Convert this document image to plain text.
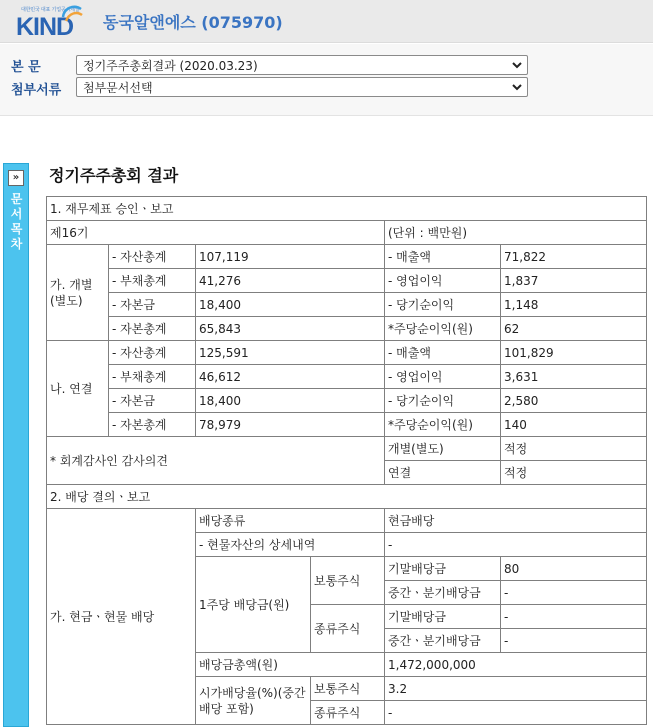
대한민국 대표 기업공시채널
KIND 동국알앤에스 (075970)
본 문	정기주주총회결과 (2020.03.23)
첨부서류	첨부문서선택
»
문서목차
정기주주총회 결과
1. 재무제표 승인ㆍ보고					
제16기				(단위 : 백만원)	
가. 개별(별도)	- 자산총계	107,119		- 매출액	71,822
	- 부채총계	41,276		- 영업이익	1,837
	- 자본금	18,400		- 당기순이익	1,148
	- 자본총계	65,843		*주당순이익(원)	62
나. 연결	- 자산총계	125,591		- 매출액	101,829
	- 부채총계	46,612		- 영업이익	3,631
	- 자본금	18,400		- 당기순이익	2,580
	- 자본총계	78,979		*주당순이익(원)	140
* 회계감사인 감사의견				개별(별도)	적정
				연결	적정
2. 배당 결의ㆍ보고					
가. 현금ㆍ현물 배당		배당종류		현금배당	
		- 현물자산의 상세내역		-	
		1주당 배당금(원)	보통주식	기말배당금	80
				중간ㆍ분기배당금	-
			종류주식	기말배당금	-
				중간ㆍ분기배당금	-
		배당금총액(원)		1,472,000,000	
		시가배당율(%)(중간배당 포함)	보통주식	3.2	
			종류주식	-	
